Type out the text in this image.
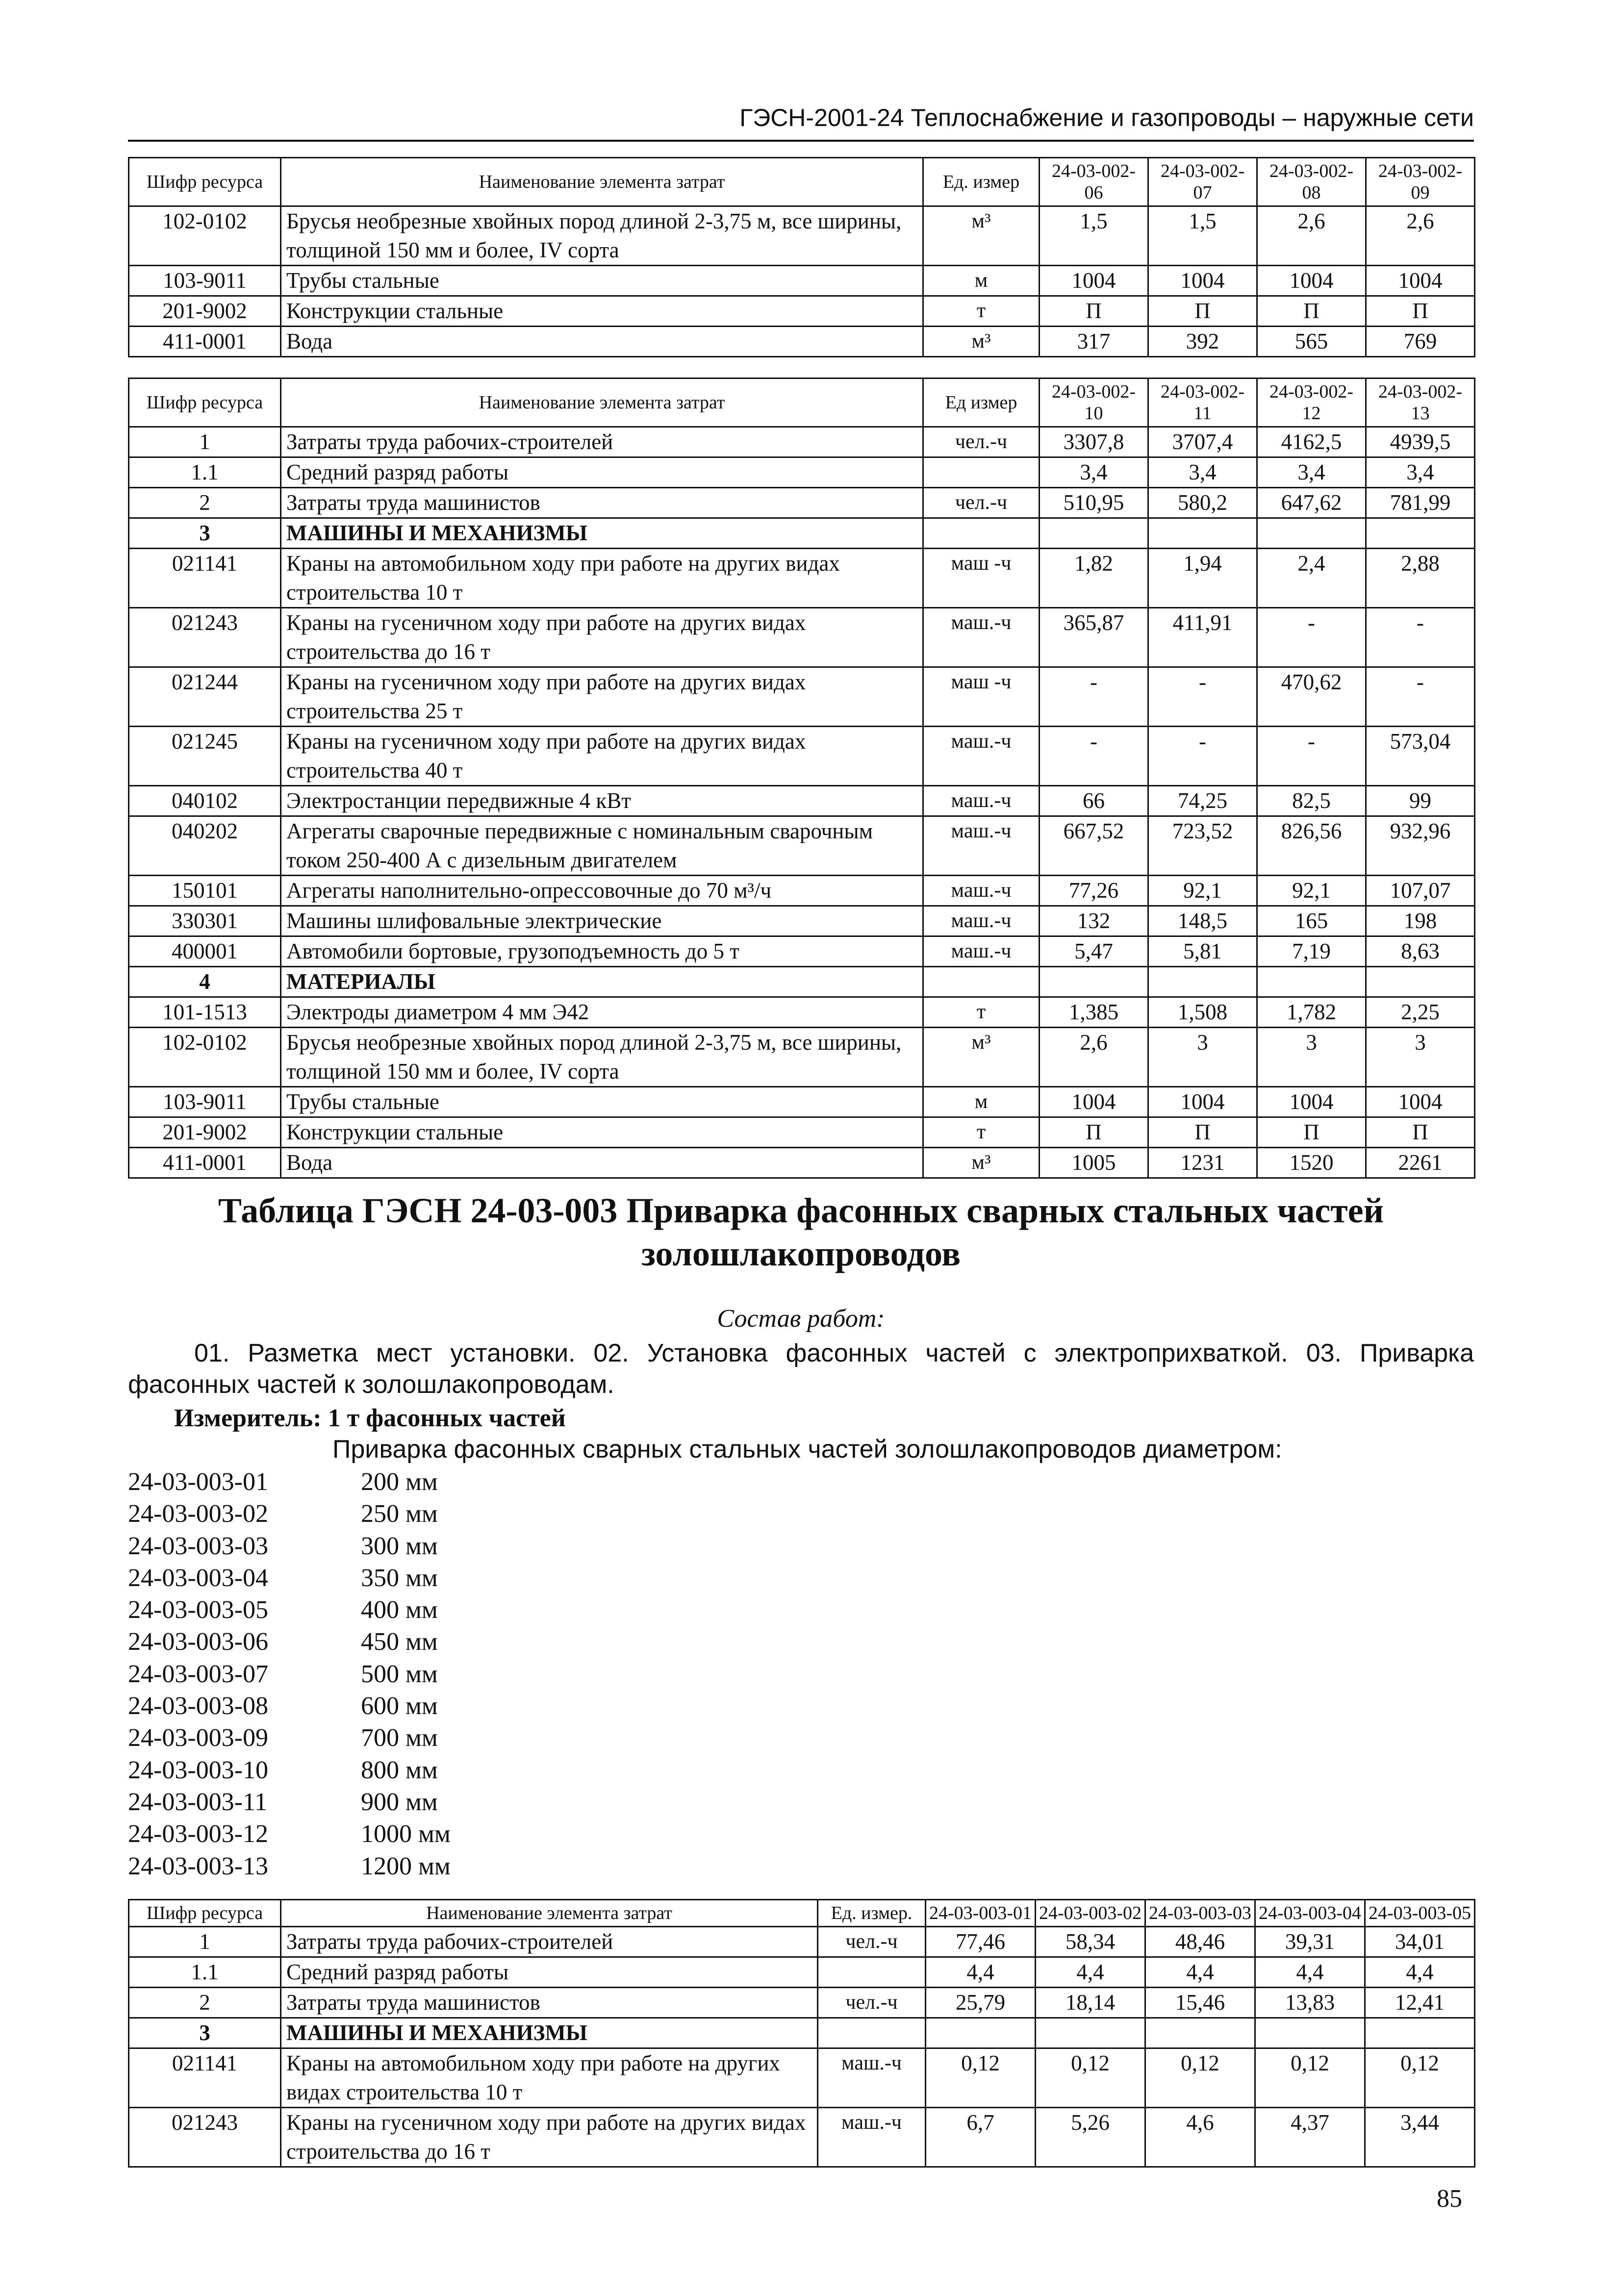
ГЭСН-2001-24 Теплоснабжение и газопроводы – наружные сети
Шифр ресурса	Наименование элемента затрат	Ед. измер	24-03-002-06	24-03-002-07	24-03-002-08	24-03-002-09
102-0102	Брусья необрезные хвойных пород длиной 2-3,75 м, все ширины, толщиной 150 мм и более, IV сорта	м³	1,5	1,5	2,6	2,6
103-9011	Трубы стальные	м	1004	1004	1004	1004
201-9002	Конструкции стальные	т	П	П	П	П
411-0001	Вода	м³	317	392	565	769
Шифр ресурса	Наименование элемента затрат	Ед измер	24-03-002-10	24-03-002-11	24-03-002-12	24-03-002-13
1	Затраты труда рабочих-строителей	чел.-ч	3307,8	3707,4	4162,5	4939,5
1.1	Средний разряд работы		3,4	3,4	3,4	3,4
2	Затраты труда машинистов	чел.-ч	510,95	580,2	647,62	781,99
3	МАШИНЫ И МЕХАНИЗМЫ					
021141	Краны на автомобильном ходу при работе на других видах строительства 10 т	маш -ч	1,82	1,94	2,4	2,88
021243	Краны на гусеничном ходу при работе на других видах строительства до 16 т	маш.-ч	365,87	411,91	-	-
021244	Краны на гусеничном ходу при работе на других видах строительства 25 т	маш -ч	-	-	470,62	-
021245	Краны на гусеничном ходу при работе на других видах строительства 40 т	маш.-ч	-	-	-	573,04
040102	Электростанции передвижные 4 кВт	маш.-ч	66	74,25	82,5	99
040202	Агрегаты сварочные передвижные с номинальным сварочным током 250-400 А с дизельным двигателем	маш.-ч	667,52	723,52	826,56	932,96
150101	Агрегаты наполнительно-опрессовочные до 70 м³/ч	маш.-ч	77,26	92,1	92,1	107,07
330301	Машины шлифовальные электрические	маш.-ч	132	148,5	165	198
400001	Автомобили бортовые, грузоподъемность до 5 т	маш.-ч	5,47	5,81	7,19	8,63
4	МАТЕРИАЛЫ					
101-1513	Электроды диаметром 4 мм Э42	т	1,385	1,508	1,782	2,25
102-0102	Брусья необрезные хвойных пород длиной 2-3,75 м, все ширины, толщиной 150 мм и более, IV сорта	м³	2,6	3	3	3
103-9011	Трубы стальные	м	1004	1004	1004	1004
201-9002	Конструкции стальные	т	П	П	П	П
411-0001	Вода	м³	1005	1231	1520	2261
Таблица ГЭСН 24-03-003 Приварка фасонных сварных стальных частей золошлакопроводов
Состав работ:
01. Разметка мест установки. 02. Установка фасонных частей с электроприхваткой. 03. Приварка фасонных частей к золошлакопроводам.
Измеритель: 1 т фасонных частей
Приварка фасонных сварных стальных частей золошлакопроводов диаметром:
24-03-003-01	200 мм
24-03-003-02	250 мм
24-03-003-03	300 мм
24-03-003-04	350 мм
24-03-003-05	400 мм
24-03-003-06	450 мм
24-03-003-07	500 мм
24-03-003-08	600 мм
24-03-003-09	700 мм
24-03-003-10	800 мм
24-03-003-11	900 мм
24-03-003-12	1000 мм
24-03-003-13	1200 мм
Шифр ресурса	Наименование элемента затрат	Ед. измер.	24-03-003-01	24-03-003-02	24-03-003-03	24-03-003-04	24-03-003-05
1	Затраты труда рабочих-строителей	чел.-ч	77,46	58,34	48,46	39,31	34,01
1.1	Средний разряд работы		4,4	4,4	4,4	4,4	4,4
2	Затраты труда машинистов	чел.-ч	25,79	18,14	15,46	13,83	12,41
3	МАШИНЫ И МЕХАНИЗМЫ						
021141	Краны на автомобильном ходу при работе на других видах строительства 10 т	маш.-ч	0,12	0,12	0,12	0,12	0,12
021243	Краны на гусеничном ходу при работе на других видах строительства до 16 т	маш.-ч	6,7	5,26	4,6	4,37	3,44
85
